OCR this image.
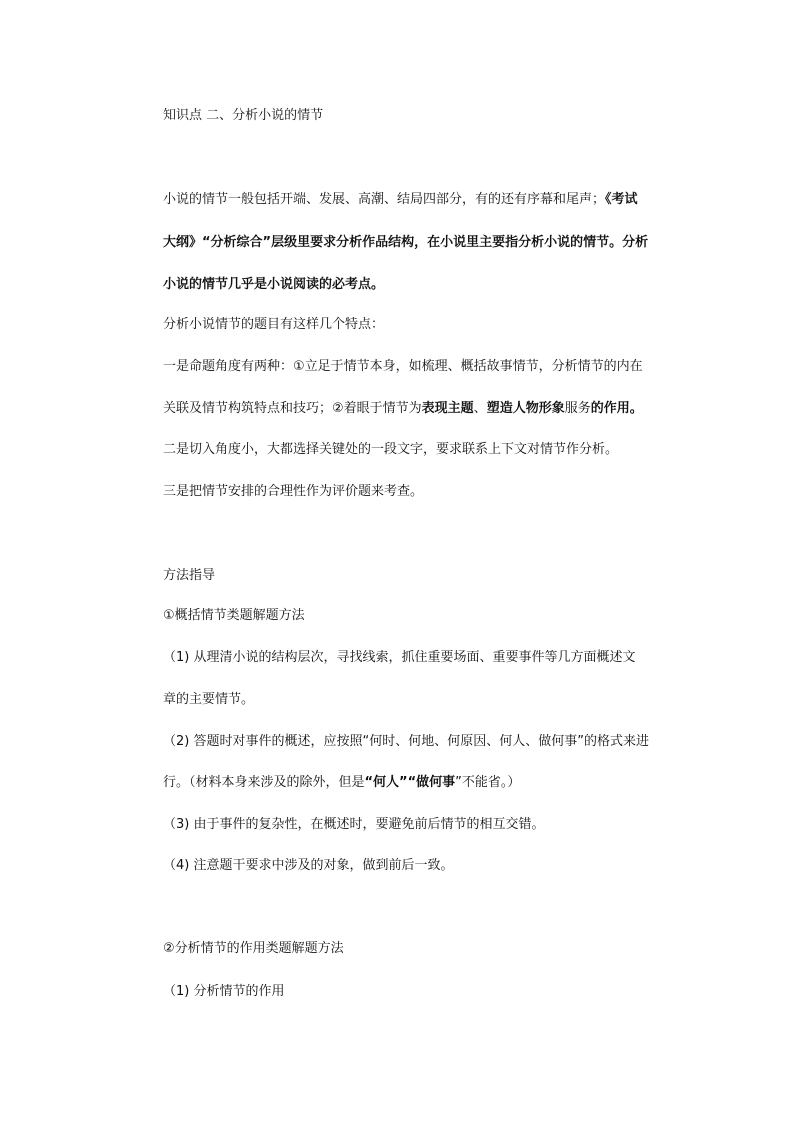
知识点 二、分析小说的情节
小说的情节一般包括开端、发展、高潮、结局四部分，有的还有序幕和尾声；《考试
大纲》“分析综合”层级里要求分析作品结构，在小说里主要指分析小说的情节。分析
小说的情节几乎是小说阅读的必考点。
分析小说情节的题目有这样几个特点：
一是命题角度有两种：①立足于情节本身，如梳理、概括故事情节，分析情节的内在
关联及情节构筑特点和技巧；②着眼于情节为表现主题、塑造人物形象服务的作用。
二是切入角度小，大都选择关键处的一段文字，要求联系上下文对情节作分析。
三是把情节安排的合理性作为评价题来考查。
方法指导
①概括情节类题解题方法
（1) 从理清小说的结构层次，寻找线索，抓住重要场面、重要事件等几方面概述文
章的主要情节。
（2) 答题时对事件的概述，应按照“何时、何地、何原因、何人、做何事”的格式来进
行。（材料本身来涉及的除外，但是“何人”“做何事”不能省。）
（3) 由于事件的复杂性，在概述时，要避免前后情节的相互交错。
（4) 注意题干要求中涉及的对象，做到前后一致。
②分析情节的作用类题解题方法
（1) 分析情节的作用
